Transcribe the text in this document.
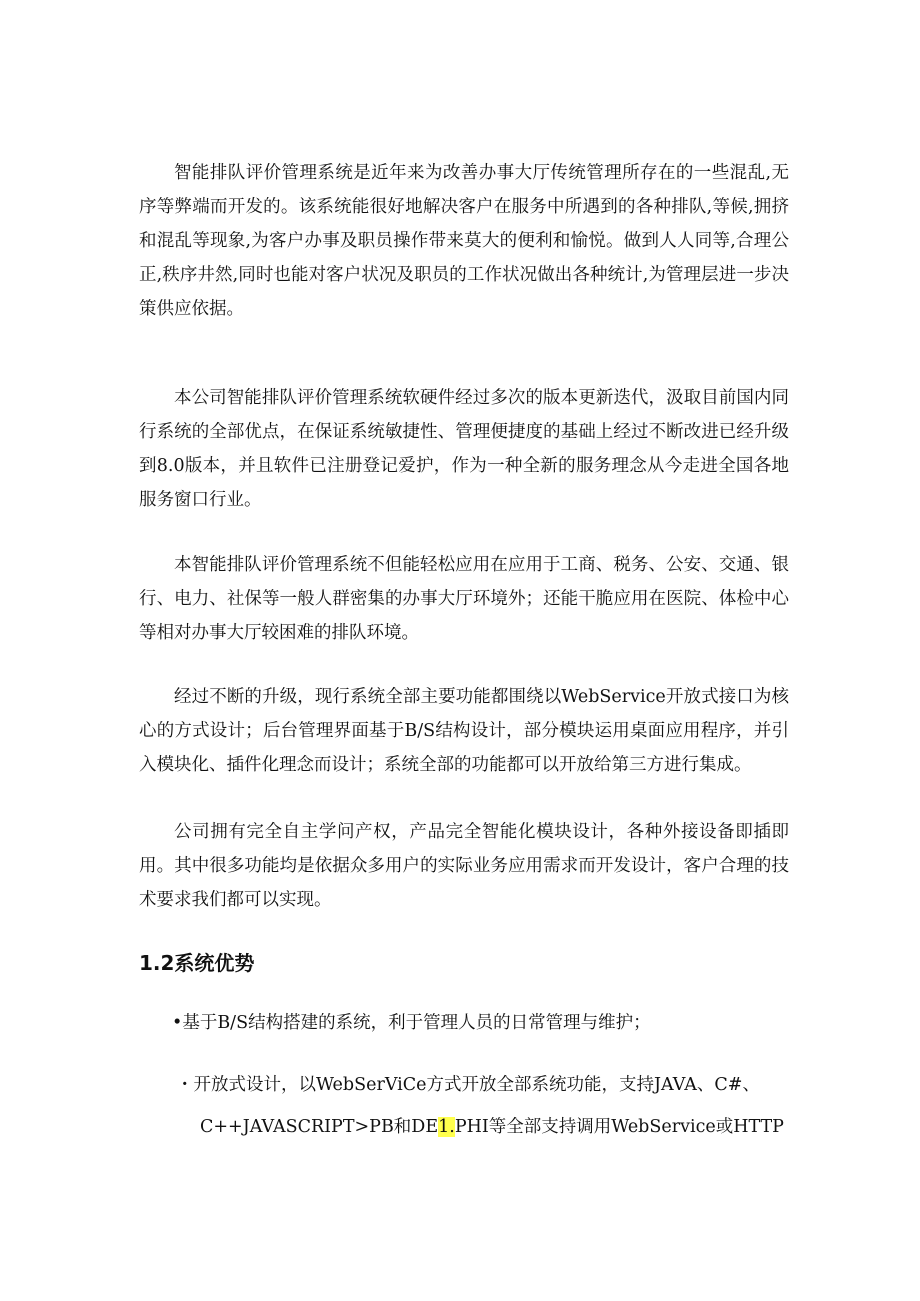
智能排队评价管理系统是近年来为改善办事大厅传统管理所存在的一些混乱,无序等弊端而开发的。该系统能很好地解决客户在服务中所遇到的各种排队,等候,拥挤和混乱等现象,为客户办事及职员操作带来莫大的便利和愉悦。做到人人同等,合理公正,秩序井然,同时也能对客户状况及职员的工作状况做出各种统计,为管理层进一步决策供应依据。

本公司智能排队评价管理系统软硬件经过多次的版本更新迭代，汲取目前国内同行系统的全部优点，在保证系统敏捷性、管理便捷度的基础上经过不断改进已经升级到8.0版本，并且软件已注册登记爱护，作为一种全新的服务理念从今走进全国各地服务窗口行业。

本智能排队评价管理系统不但能轻松应用在应用于工商、税务、公安、交通、银行、电力、社保等一般人群密集的办事大厅环境外；还能干脆应用在医院、体检中心等相对办事大厅较困难的排队环境。

经过不断的升级，现行系统全部主要功能都围绕以WebService开放式接口为核心的方式设计；后台管理界面基于B/S结构设计，部分模块运用桌面应用程序，并引入模块化、插件化理念而设计；系统全部的功能都可以开放给第三方进行集成。

公司拥有完全自主学问产权，产品完全智能化模块设计，各种外接设备即插即用。其中很多功能均是依据众多用户的实际业务应用需求而开发设计，客户合理的技术要求我们都可以实现。

1.2系统优势

•基于B/S结构搭建的系统，利于管理人员的日常管理与维护；

・开放式设计，以WebSerViCe方式开放全部系统功能，支持JAVA、C#、

C++JAVASCRIPT>PB和DE1.PHI等全部支持调用WebService或HTTP
